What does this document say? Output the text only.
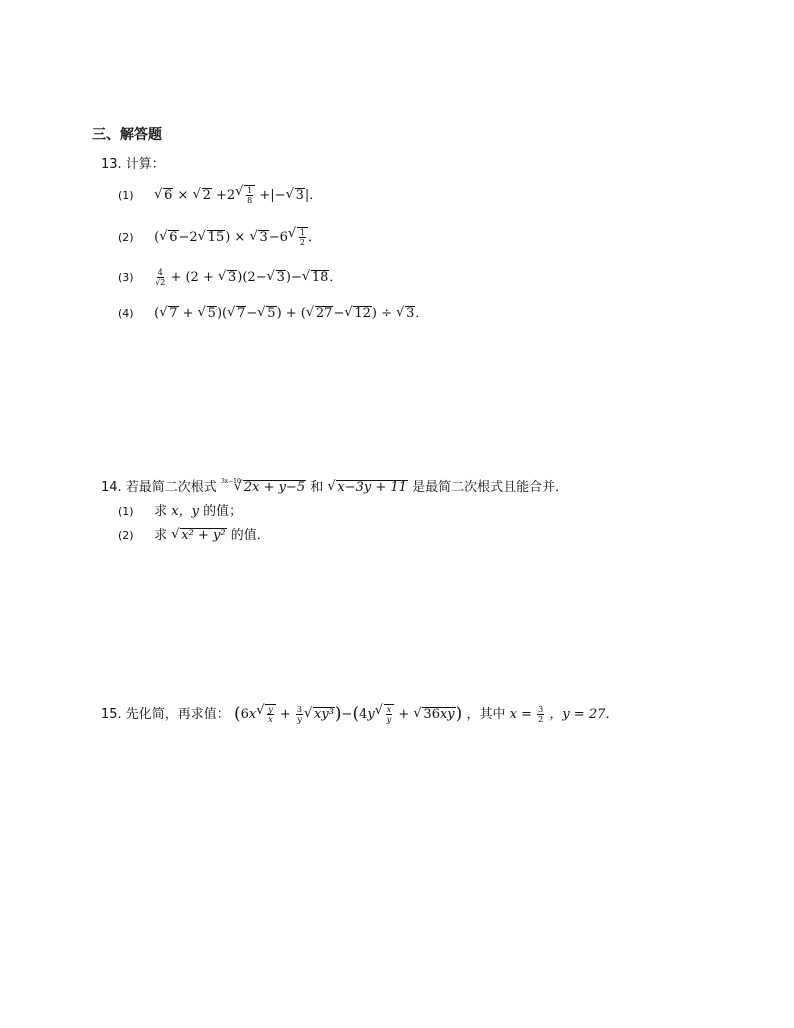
三、解答题
13. 计算：
(1) √ 6 × √ 2 +2 √ $\frac{1}{8}$ +|− √ 3|．
(2) ( √ 6−2 √ 15) × √ 3−6 √ $\frac{1}{2}$ ．
(3)	$\frac{4}{√2} + (2$ + √ 3)(2− √ 3)− √ 18．
(4) ( √ 7 + √ 5)( √ 7− √ 5) + ( √ 27− √ 12) ÷ √ 3．
14. 若最简二次根式 $^{3x-10}$ √ 2x + y−5 和 √ x−3y + 11 是最简二次根式且能合并．
(1) 求 x，y 的值；
(2) 求 √ x² + y² 的值．
15. 先化简，再求值： (6x √ $\frac{y}{x} + \frac{3}{y}$ √ xy³)−(4y √ $\frac{x}{y}$ + √ 36xy) ，其中 $x = \frac{3}{2}$ ，y = 27．
